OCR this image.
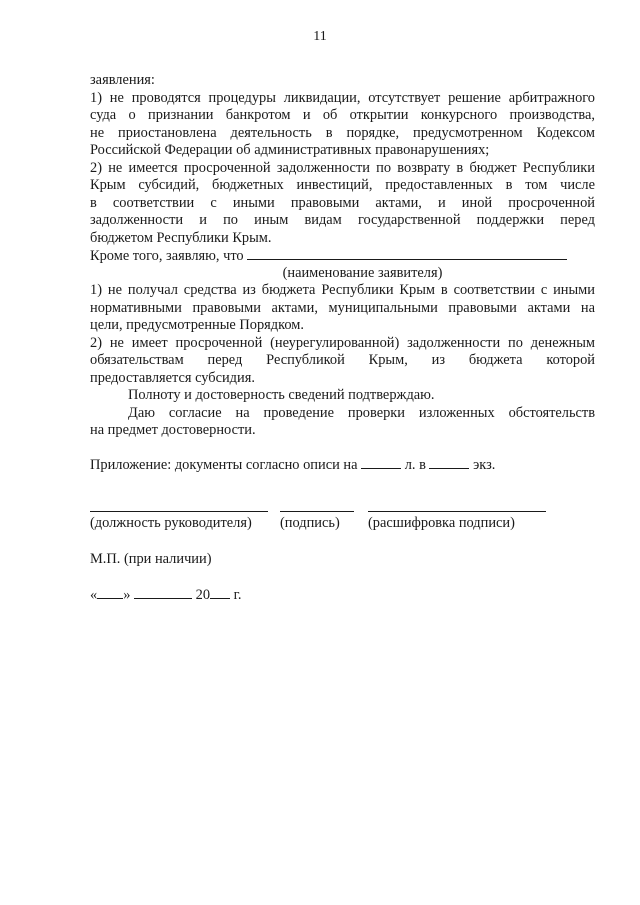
11
заявления:
1) не проводятся процедуры ликвидации, отсутствует решение арбитражного
суда о признании банкротом и об открытии конкурсного производства,
не приостановлена деятельность в порядке, предусмотренном Кодексом
Российской Федерации об административных правонарушениях;
2) не имеется просроченной задолженности по возврату в бюджет Республики
Крым субсидий, бюджетных инвестиций, предоставленных в том числе
в соответствии с иными правовыми актами, и иной просроченной
задолженности и по иным видам государственной поддержки перед
бюджетом Республики Крым.
Кроме того, заявляю, что
(наименование заявителя)
1) не получал средства из бюджета Республики Крым в соответствии с иными
нормативными правовыми актами, муниципальными правовыми актами на
цели, предусмотренные Порядком.
2) не имеет просроченной (неурегулированной) задолженности по денежным
обязательствам перед Республикой Крым, из бюджета которой
предоставляется субсидия.
Полноту и достоверность сведений подтверждаю.
Даю согласие на проведение проверки изложенных обстоятельств
на предмет достоверности.
Приложение: документы согласно описи на	л. в	экз.
(должность руководителя) (подпись) (расшифровка подписи)
М.П. (при наличии)
« »	20 г.
